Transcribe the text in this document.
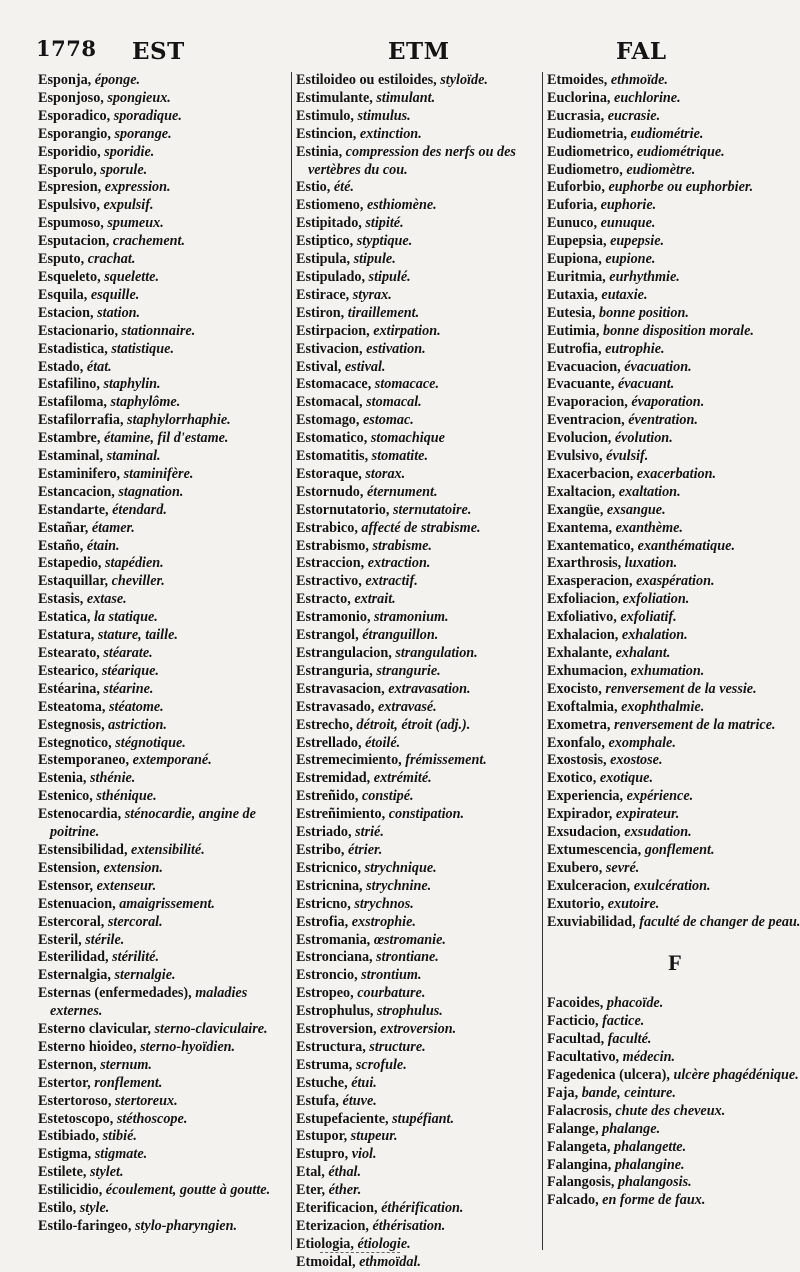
1778 EST	ETM	FAL
Esponja, éponge.
Esponjoso, spongieux.
Esporadico, sporadique.
Esporangio, sporange.
Esporidio, sporidie.
Esporulo, sporule.
Espresion, expression.
Espulsivo, expulsif.
Espumoso, spumeux.
Esputacion, crachement.
Esputo, crachat.
Esqueleto, squelette.
Esquila, esquille.
Estacion, station.
Estacionario, stationnaire.
Estadistica, statistique.
Estado, état.
Estafilino, staphylin.
Estafiloma, staphylôme.
Estafilorrafia, staphylorrhaphie.
Estambre, étamine, fil d'estame.
Estaminal, staminal.
Estaminifero, staminifère.
Estancacion, stagnation.
Estandarte, étendard.
Estañar, étamer.
Estaño, étain.
Estapedio, stapédien.
Estaquillar, cheviller.
Estasis, extase.
Estatica, la statique.
Estatura, stature, taille.
Estearato, stéarate.
Estearico, stéarique.
Estéarina, stéarine.
Esteatoma, stéatome.
Estegnosis, astriction.
Estegnotico, stégnotique.
Estemporaneo, extemporané.
Estenia, sthénie.
Estenico, sthénique.
Estenocardia, sténocardie, angine de poitrine.
Estensibilidad, extensibilité.
Estension, extension.
Estensor, extenseur.
Estenuacion, amaigrissement.
Estercoral, stercoral.
Esteril, stérile.
Esterilidad, stérilité.
Esternalgia, sternalgie.
Esternas (enfermedades), maladies externes.
Esterno clavicular, sterno-claviculaire.
Esterno hioideo, sterno-hyoïdien.
Esternon, sternum.
Estertor, ronflement.
Estertoroso, stertoreux.
Estetoscopo, stéthoscope.
Estibiado, stibié.
Estigma, stigmate.
Estilete, stylet.
Estilicidio, écoulement, goutte à goutte.
Estilo, style.
Estilo-faringeo, stylo-pharyngien.
Estiloideo ou estiloides, styloïde.
Estimulante, stimulant.
Estimulo, stimulus.
Estincion, extinction.
Estinia, compression des nerfs ou des vertèbres du cou.
Estio, été.
Estiomeno, esthiomène.
Estipitado, stipité.
Estiptico, styptique.
Estipula, stipule.
Estipulado, stipulé.
Estirace, styrax.
Estiron, tiraillement.
Estirpacion, extirpation.
Estivacion, estivation.
Estival, estival.
Estomacace, stomacace.
Estomacal, stomacal.
Estomago, estomac.
Estomatico, stomachique
Estomatitis, stomatite.
Estoraque, storax.
Estornudo, éternument.
Estornutatorio, sternutatoire.
Estrabico, affecté de strabisme.
Estrabismo, strabisme.
Estraccion, extraction.
Estractivo, extractif.
Estracto, extrait.
Estramonio, stramonium.
Estrangol, étranguillon.
Estrangulacion, strangulation.
Estranguria, strangurie.
Estravasacion, extravasation.
Estravasado, extravasé.
Estrecho, détroit, étroit (adj.).
Estrellado, étoilé.
Estremecimiento, frémissement.
Estremidad, extrémité.
Estreñido, constipé.
Estreñimiento, constipation.
Estriado, strié.
Estribo, étrier.
Estricnico, strychnique.
Estricnina, strychnine.
Estricno, strychnos.
Estrofia, exstrophie.
Estromania, œstromanie.
Estronciana, strontiane.
Estroncio, strontium.
Estropeo, courbature.
Estrophulus, strophulus.
Estroversion, extroversion.
Estructura, structure.
Estruma, scrofule.
Estuche, étui.
Estufa, étuve.
Estupefaciente, stupéfiant.
Estupor, stupeur.
Estupro, viol.
Etal, éthal.
Eter, éther.
Eterificacion, éthérification.
Eterizacion, éthérisation.
Etiologia, étiologie.
Etmoidal, ethmoïdal.
Etmoides, ethmoïde.
Euclorina, euchlorine.
Eucrasia, eucrasie.
Eudiometria, eudiométrie.
Eudiometrico, eudiométrique.
Eudiometro, eudiomètre.
Euforbio, euphorbe ou euphorbier.
Euforia, euphorie.
Eunuco, eunuque.
Eupepsia, eupepsie.
Eupiona, eupione.
Euritmia, eurhythmie.
Eutaxia, eutaxie.
Eutesia, bonne position.
Eutimia, bonne disposition morale.
Eutrofia, eutrophie.
Evacuacion, évacuation.
Evacuante, évacuant.
Evaporacion, évaporation.
Eventracion, éventration.
Evolucion, évolution.
Evulsivo, évulsif.
Exacerbacion, exacerbation.
Exaltacion, exaltation.
Exangüe, exsangue.
Exantema, exanthème.
Exantematico, exanthématique.
Exarthrosis, luxation.
Exasperacion, exaspération.
Exfoliacion, exfoliation.
Exfoliativo, exfoliatif.
Exhalacion, exhalation.
Exhalante, exhalant.
Exhumacion, exhumation.
Exocisto, renversement de la vessie.
Exoftalmia, exophthalmie.
Exometra, renversement de la matrice.
Exonfalo, exomphale.
Exostosis, exostose.
Exotico, exotique.
Experiencia, expérience.
Expirador, expirateur.
Exsudacion, exsudation.
Extumescencia, gonflement.
Exubero, sevré.
Exulceracion, exulcération.
Exutorio, exutoire.
Exuviabilidad, faculté de changer de peau.
F
Facoides, phacoïde.
Facticio, factice.
Facultad, faculté.
Facultativo, médecin.
Fagedenica (ulcera), ulcère phagédénique.
Faja, bande, ceinture.
Falacrosis, chute des cheveux.
Falange, phalange.
Falangeta, phalangette.
Falangina, phalangine.
Falangosis, phalangosis.
Falcado, en forme de faux.
